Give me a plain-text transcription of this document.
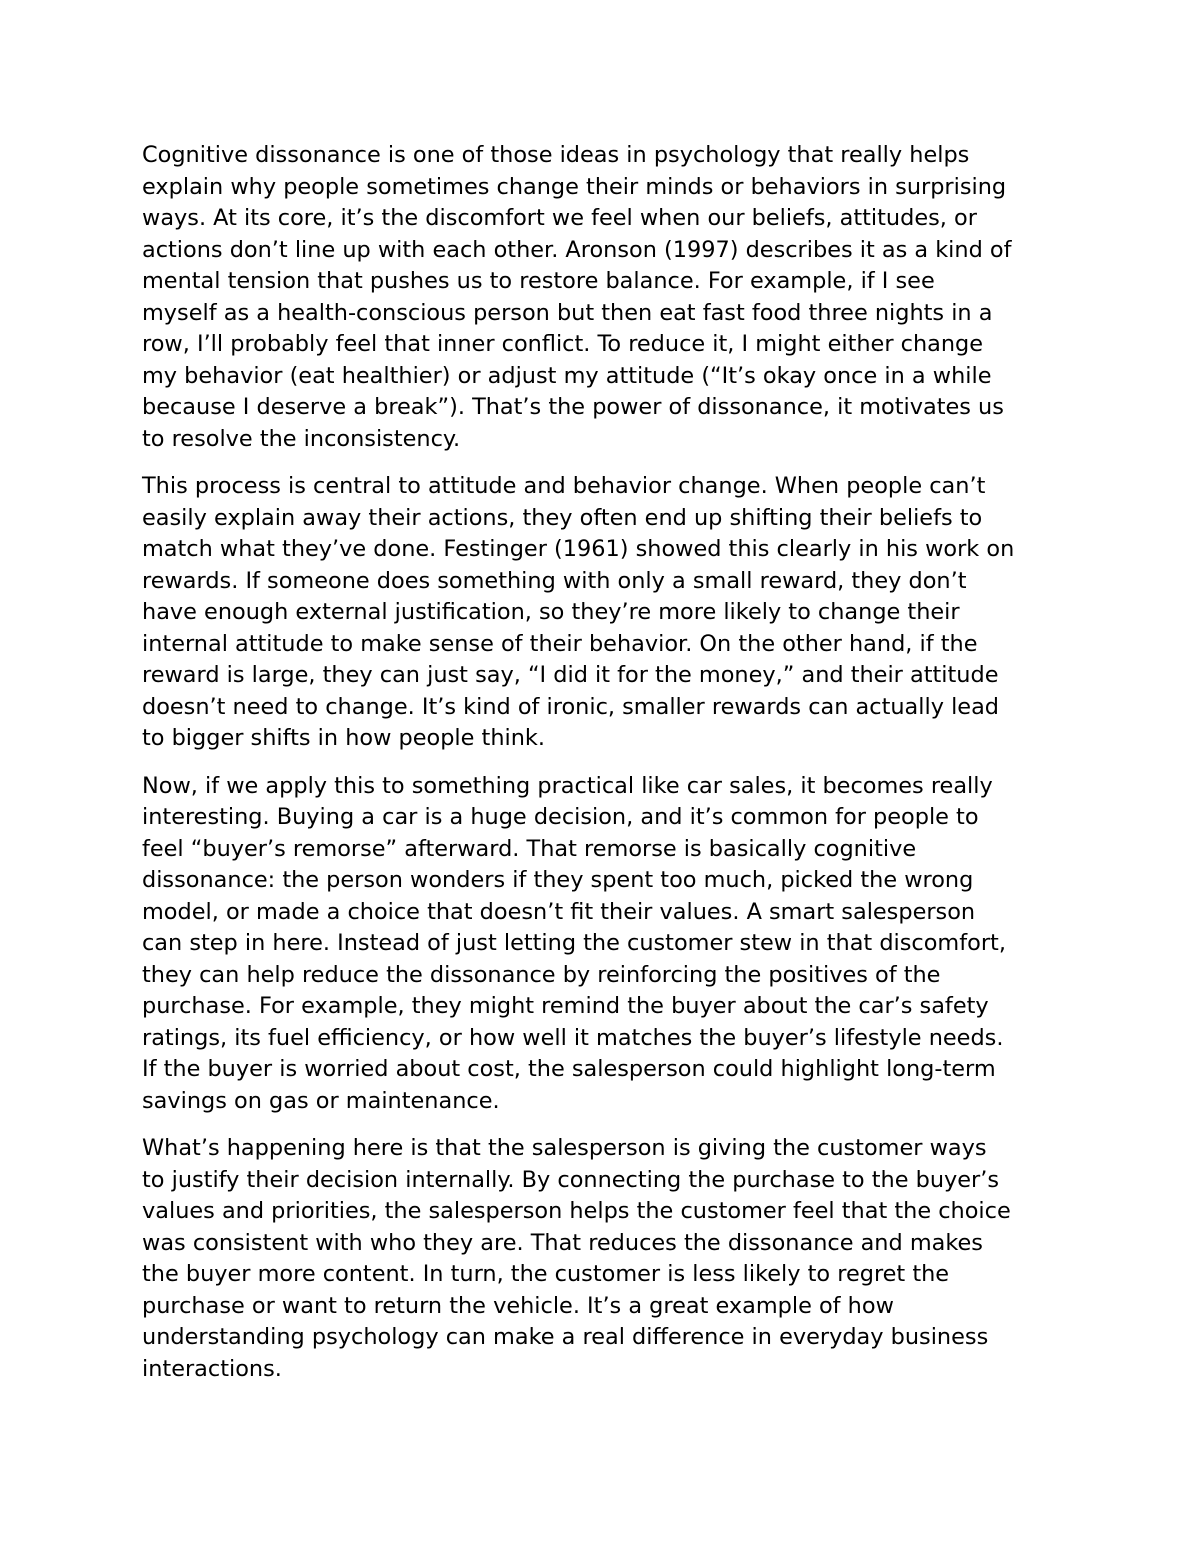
Cognitive dissonance is one of those ideas in psychology that really helps
explain why people sometimes change their minds or behaviors in surprising
ways. At its core, it’s the discomfort we feel when our beliefs, attitudes, or
actions don’t line up with each other. Aronson (1997) describes it as a kind of
mental tension that pushes us to restore balance. For example, if I see
myself as a health-conscious person but then eat fast food three nights in a
row, I’ll probably feel that inner conflict. To reduce it, I might either change
my behavior (eat healthier) or adjust my attitude (“It’s okay once in a while
because I deserve a break”). That’s the power of dissonance, it motivates us
to resolve the inconsistency.

This process is central to attitude and behavior change. When people can’t
easily explain away their actions, they often end up shifting their beliefs to
match what they’ve done. Festinger (1961) showed this clearly in his work on
rewards. If someone does something with only a small reward, they don’t
have enough external justification, so they’re more likely to change their
internal attitude to make sense of their behavior. On the other hand, if the
reward is large, they can just say, “I did it for the money,” and their attitude
doesn’t need to change. It’s kind of ironic, smaller rewards can actually lead
to bigger shifts in how people think.

Now, if we apply this to something practical like car sales, it becomes really
interesting. Buying a car is a huge decision, and it’s common for people to
feel “buyer’s remorse” afterward. That remorse is basically cognitive
dissonance: the person wonders if they spent too much, picked the wrong
model, or made a choice that doesn’t fit their values. A smart salesperson
can step in here. Instead of just letting the customer stew in that discomfort,
they can help reduce the dissonance by reinforcing the positives of the
purchase. For example, they might remind the buyer about the car’s safety
ratings, its fuel efficiency, or how well it matches the buyer’s lifestyle needs.
If the buyer is worried about cost, the salesperson could highlight long-term
savings on gas or maintenance.

What’s happening here is that the salesperson is giving the customer ways
to justify their decision internally. By connecting the purchase to the buyer’s
values and priorities, the salesperson helps the customer feel that the choice
was consistent with who they are. That reduces the dissonance and makes
the buyer more content. In turn, the customer is less likely to regret the
purchase or want to return the vehicle. It’s a great example of how
understanding psychology can make a real difference in everyday business
interactions.
